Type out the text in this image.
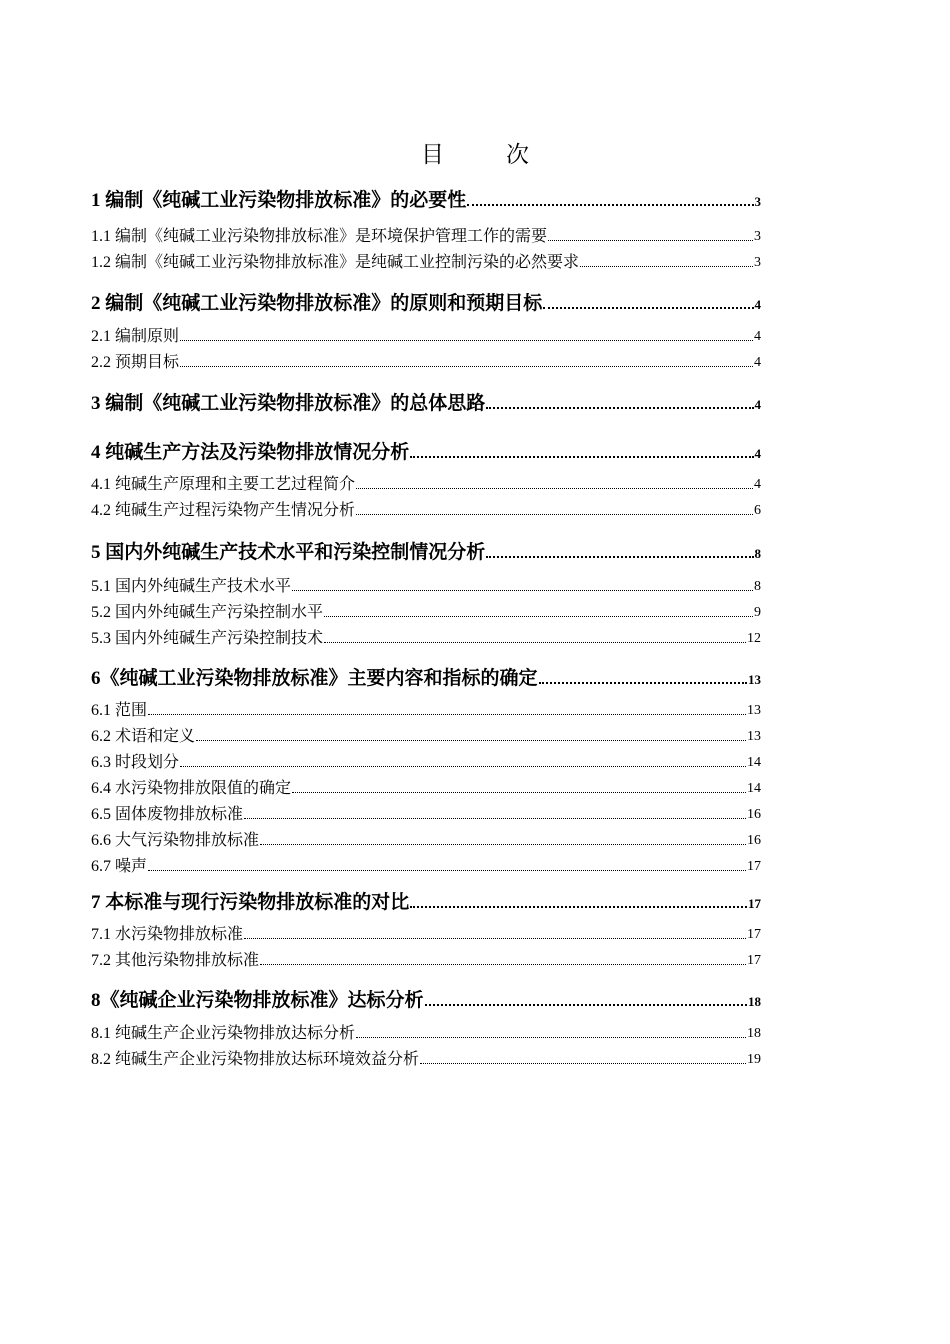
目	次
1 编制《纯碱工业污染物排放标准》的必要性	3
1.1 编制《纯碱工业污染物排放标准》是环境保护管理工作的需要	3
1.2 编制《纯碱工业污染物排放标准》是纯碱工业控制污染的必然要求	3
2 编制《纯碱工业污染物排放标准》的原则和预期目标	4
2.1 编制原则	4
2.2 预期目标	4
3 编制《纯碱工业污染物排放标准》的总体思路	4
4 纯碱生产方法及污染物排放情况分析	4
4.1 纯碱生产原理和主要工艺过程简介	4
4.2 纯碱生产过程污染物产生情况分析	6
5 国内外纯碱生产技术水平和污染控制情况分析	8
5.1 国内外纯碱生产技术水平	8
5.2 国内外纯碱生产污染控制水平	9
5.3 国内外纯碱生产污染控制技术	12
6《纯碱工业污染物排放标准》主要内容和指标的确定	13
6.1 范围	13
6.2 术语和定义	13
6.3 时段划分	14
6.4 水污染物排放限值的确定	14
6.5 固体废物排放标准	16
6.6 大气污染物排放标准	16
6.7 噪声	17
7 本标准与现行污染物排放标准的对比	17
7.1 水污染物排放标准	17
7.2 其他污染物排放标准	17
8《纯碱企业污染物排放标准》达标分析	18
8.1 纯碱生产企业污染物排放达标分析	18
8.2 纯碱生产企业污染物排放达标环境效益分析	19
